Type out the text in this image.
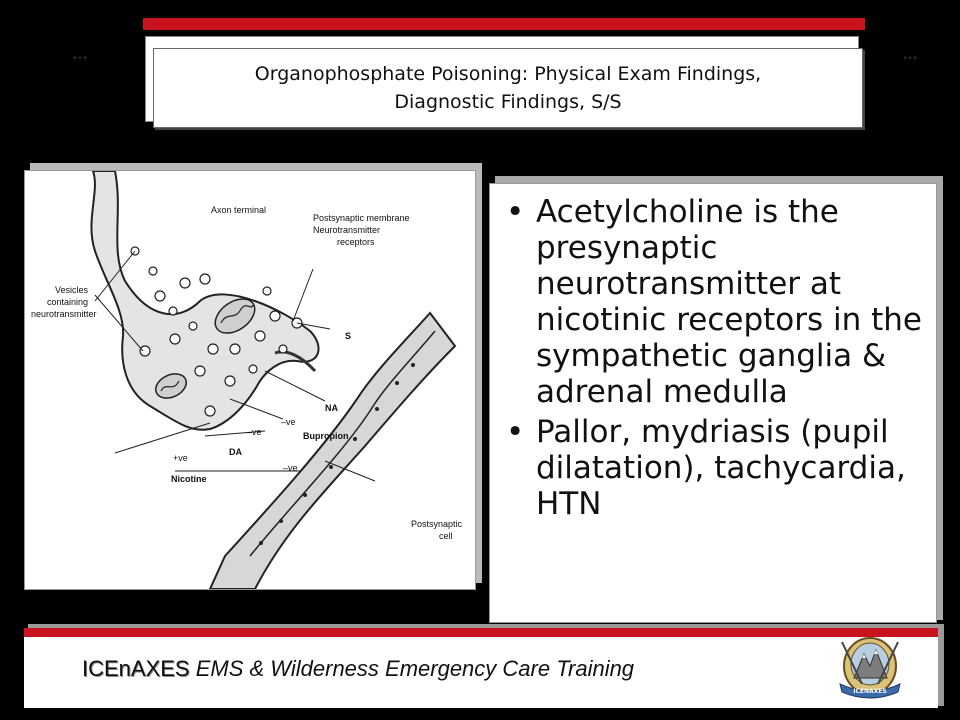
▪ ▪ ▪	▪ ▪ ▪
Organophosphate Poisoning: Physical Exam Findings,
Diagnostic Findings, S/S
Axon terminal
Postsynaptic membrane
Neurotransmitter
receptors
Vesicles
containing
neurotransmitter
S
NA
–ve
–ve
–ve
Bupropion
+ve
DA
Nicotine
Postsynaptic
cell
• Acetylcholine is the presynaptic neurotransmitter at nicotinic receptors in the sympathetic ganglia & adrenal medulla
• Pallor, mydriasis (pupil dilatation), tachycardia, HTN
ICEnAXES EMS & Wilderness Emergency Care Training
ICENAXES
